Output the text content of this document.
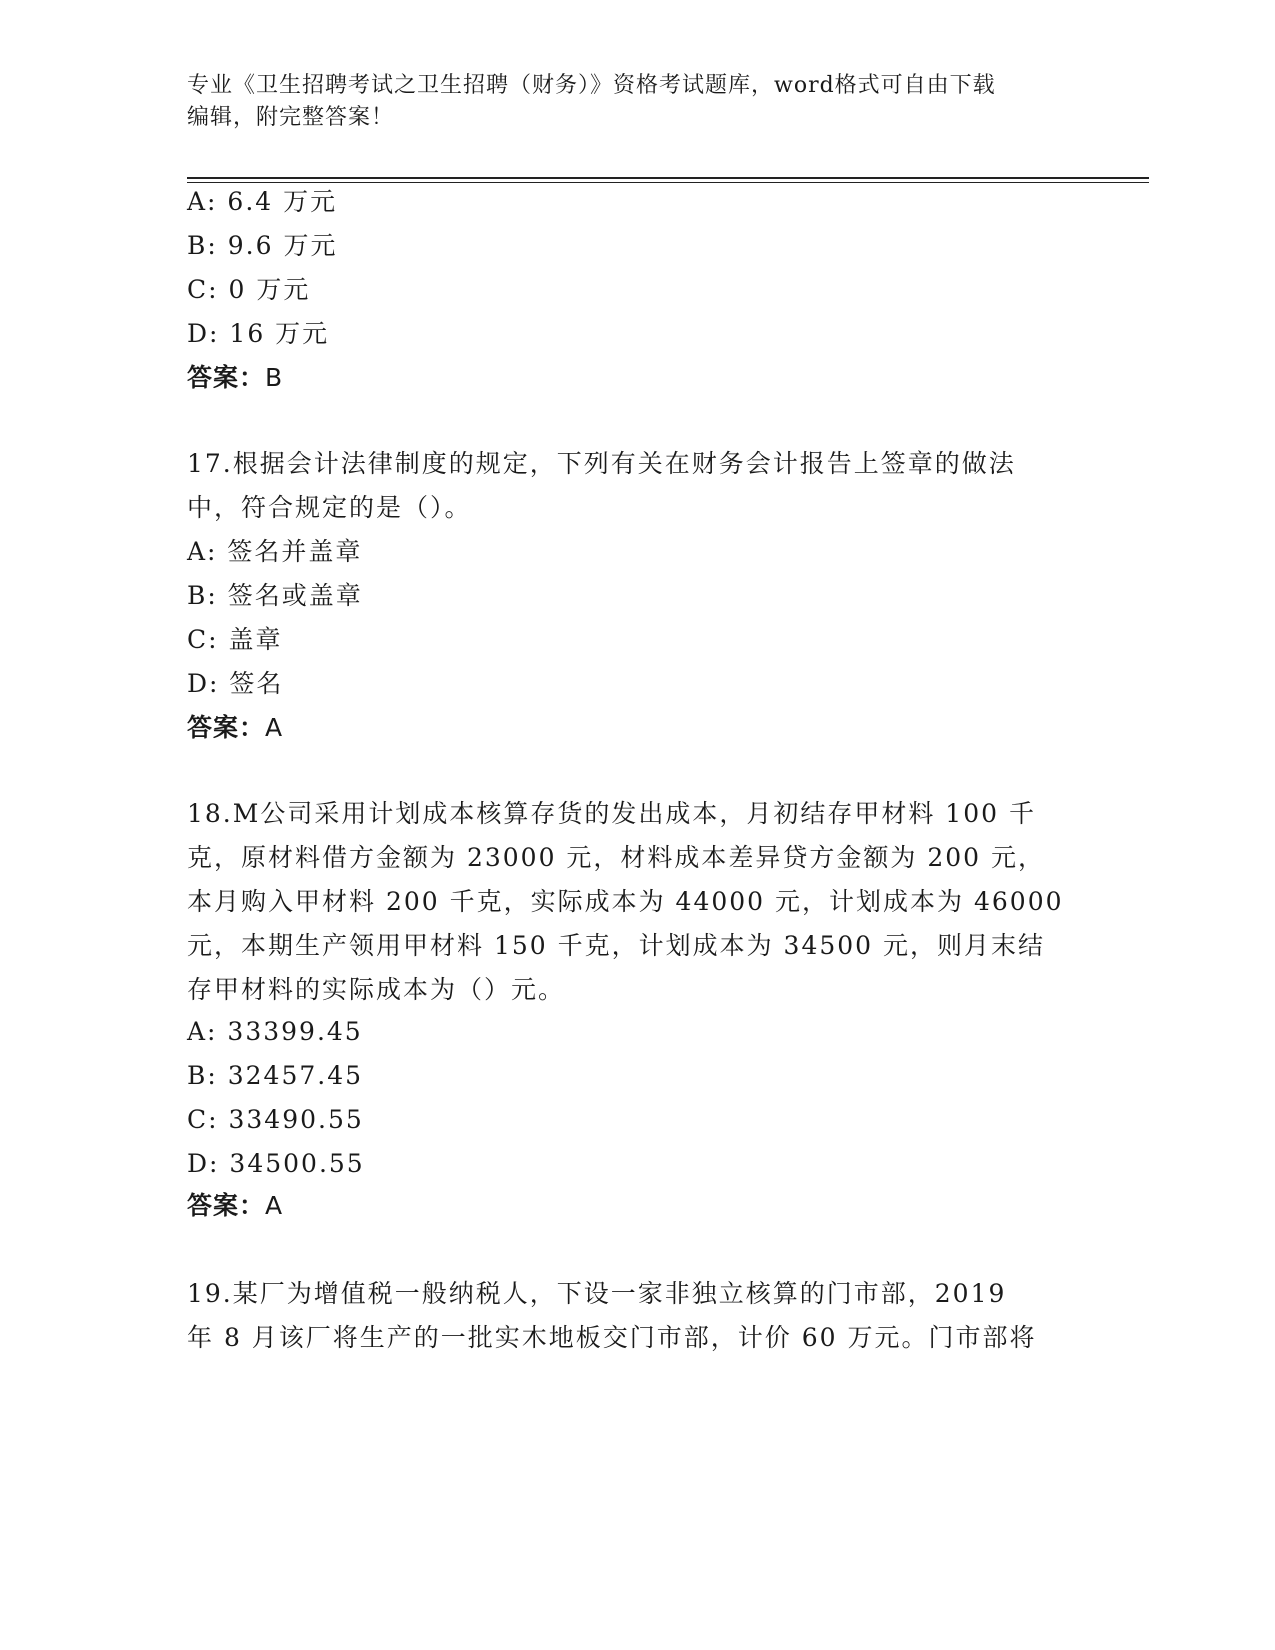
专业《卫生招聘考试之卫生招聘（财务）》资格考试题库，word格式可自由下载
编辑，附完整答案！
A: 6.4 万元
B: 9.6 万元
C: 0 万元
D: 16 万元
答案：B
17.根据会计法律制度的规定，下列有关在财务会计报告上签章的做法
中，符合规定的是（）。
A: 签名并盖章
B: 签名或盖章
C: 盖章
D: 签名
答案：A
18.M公司采用计划成本核算存货的发出成本，月初结存甲材料 100 千
克，原材料借方金额为 23000 元，材料成本差异贷方金额为 200 元，
本月购入甲材料 200 千克，实际成本为 44000 元，计划成本为 46000
元，本期生产领用甲材料 150 千克，计划成本为 34500 元，则月末结
存甲材料的实际成本为（）元。
A: 33399.45
B: 32457.45
C: 33490.55
D: 34500.55
答案：A
19.某厂为增值税一般纳税人，下设一家非独立核算的门市部，2019
年 8 月该厂将生产的一批实木地板交门市部，计价 60 万元。门市部将
